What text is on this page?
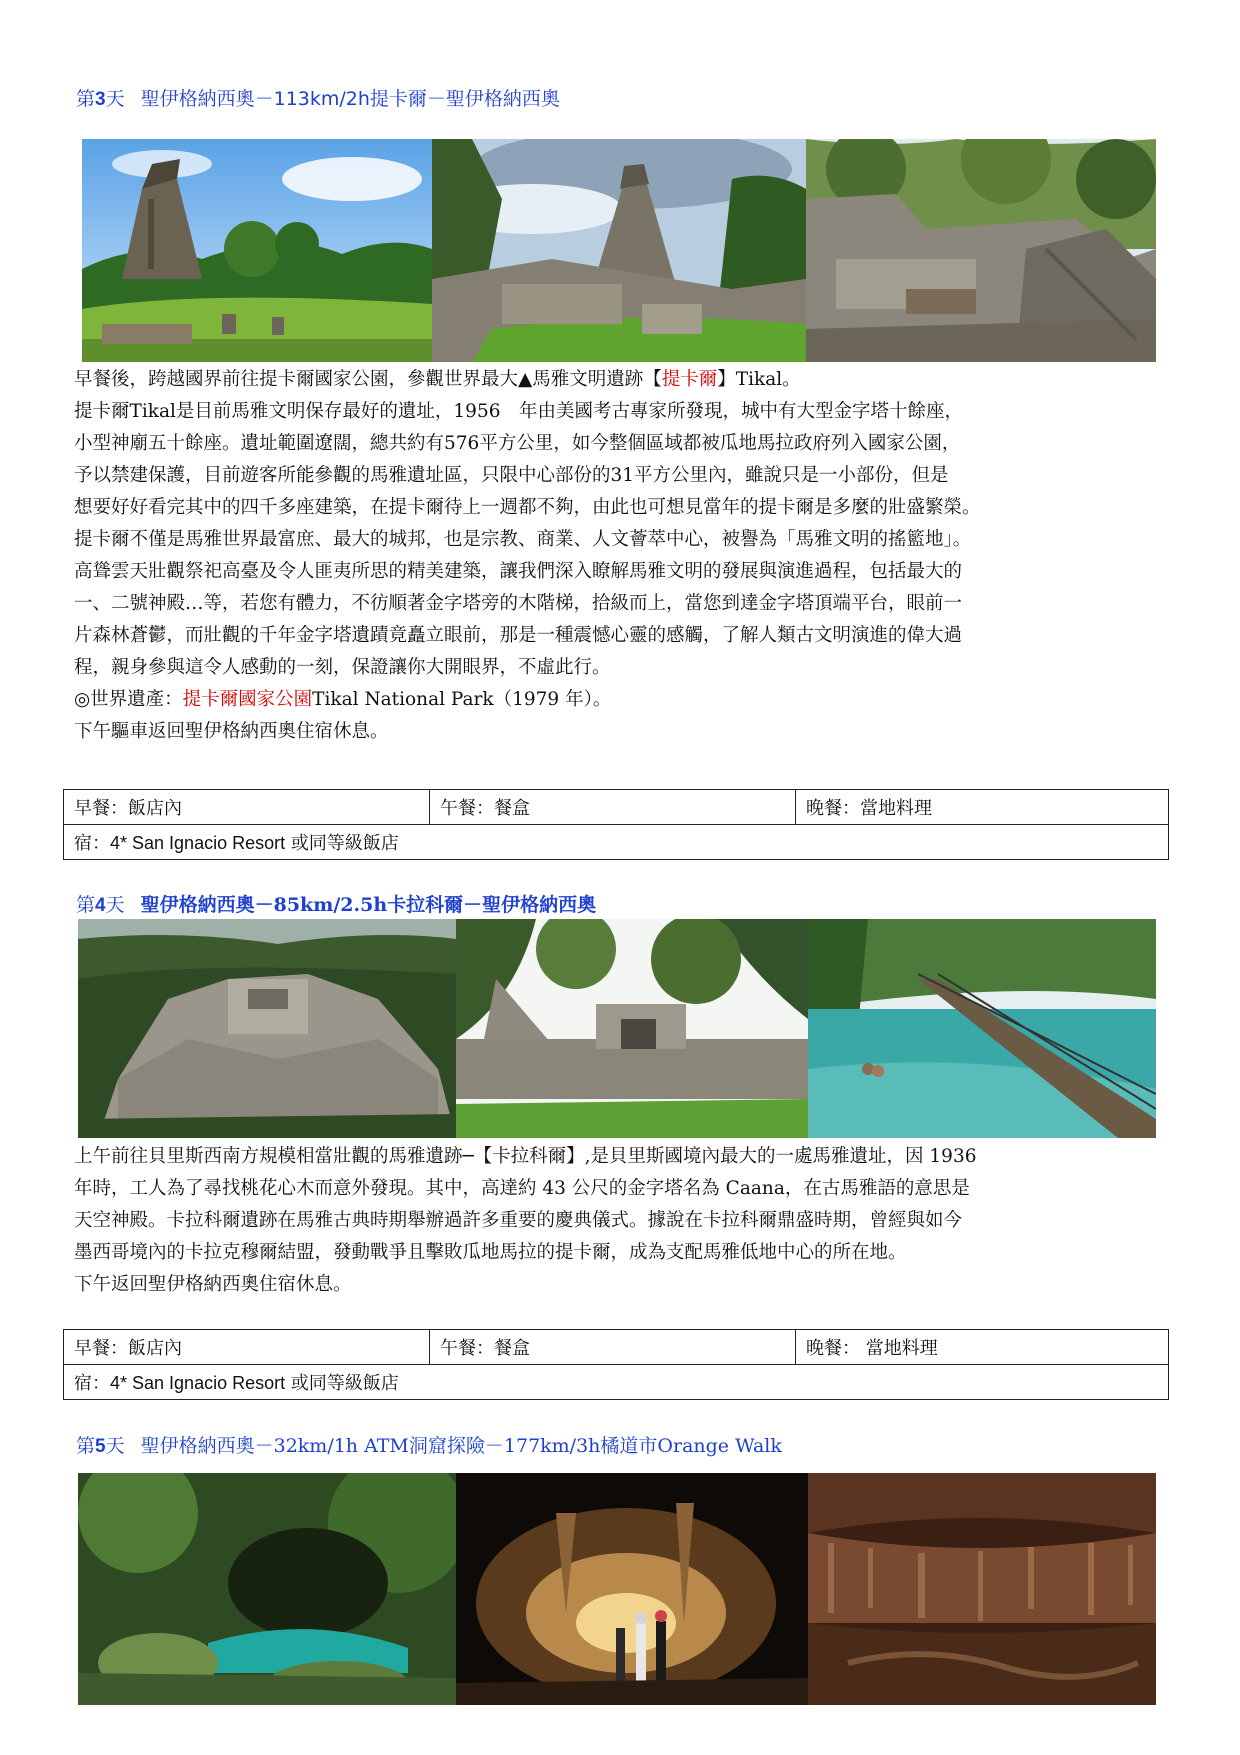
第3天 聖伊格納西奧－113km/2h提卡爾－聖伊格納西奧

早餐後，跨越國界前往提卡爾國家公園，參觀世界最大▲馬雅文明遺跡【提卡爾】Tikal。

提卡爾Tikal是目前馬雅文明保存最好的遺址，1956　年由美國考古專家所發現，城中有大型金字塔十餘座，

小型神廟五十餘座。遺址範圍遼闊，總共約有576平方公里，如今整個區域都被瓜地馬拉政府列入國家公園，

予以禁建保護，目前遊客所能參觀的馬雅遺址區，只限中心部份的31平方公里內，雖說只是一小部份，但是

想要好好看完其中的四千多座建築，在提卡爾待上一週都不夠，由此也可想見當年的提卡爾是多麼的壯盛繁榮。

提卡爾不僅是馬雅世界最富庶、最大的城邦，也是宗教、商業、人文薈萃中心，被譽為「馬雅文明的搖籃地」。

高聳雲天壯觀祭祀高臺及令人匪夷所思的精美建築，讓我們深入瞭解馬雅文明的發展與演進過程，包括最大的

一、二號神殿…等，若您有體力，不彷順著金字塔旁的木階梯，拾級而上，當您到達金字塔頂端平台，眼前一

片森林蒼鬱，而壯觀的千年金字塔遺蹟竟矗立眼前，那是一種震憾心靈的感觸，了解人類古文明演進的偉大過

程，親身參與這令人感動的一刻，保證讓你大開眼界，不虛此行。

◎世界遺產：提卡爾國家公園Tikal National Park（1979 年）。

下午驅車返回聖伊格納西奧住宿休息。

早餐：飯店內	午餐：餐盒	晚餐：當地料理
宿：4* San Ignacio Resort 或同等級飯店
第4天 聖伊格納西奧－85km/2.5h卡拉科爾－聖伊格納西奧

上午前往貝里斯西南方規模相當壯觀的馬雅遺跡─【卡拉科爾】,是貝里斯國境內最大的一處馬雅遺址，因 1936

年時，工人為了尋找桃花心木而意外發現。其中，高達約 43 公尺的金字塔名為 Caana，在古馬雅語的意思是

天空神殿。卡拉科爾遺跡在馬雅古典時期舉辦過許多重要的慶典儀式。據說在卡拉科爾鼎盛時期，曾經與如今

墨西哥境內的卡拉克穆爾結盟，發動戰爭且擊敗瓜地馬拉的提卡爾，成為支配馬雅低地中心的所在地。

下午返回聖伊格納西奧住宿休息。

早餐：飯店內	午餐：餐盒	晚餐： 當地料理
宿：4* San Ignacio Resort 或同等級飯店
第5天 聖伊格納西奧－32km/1h ATM洞窟探險－177km/3h橘道市Orange Walk
